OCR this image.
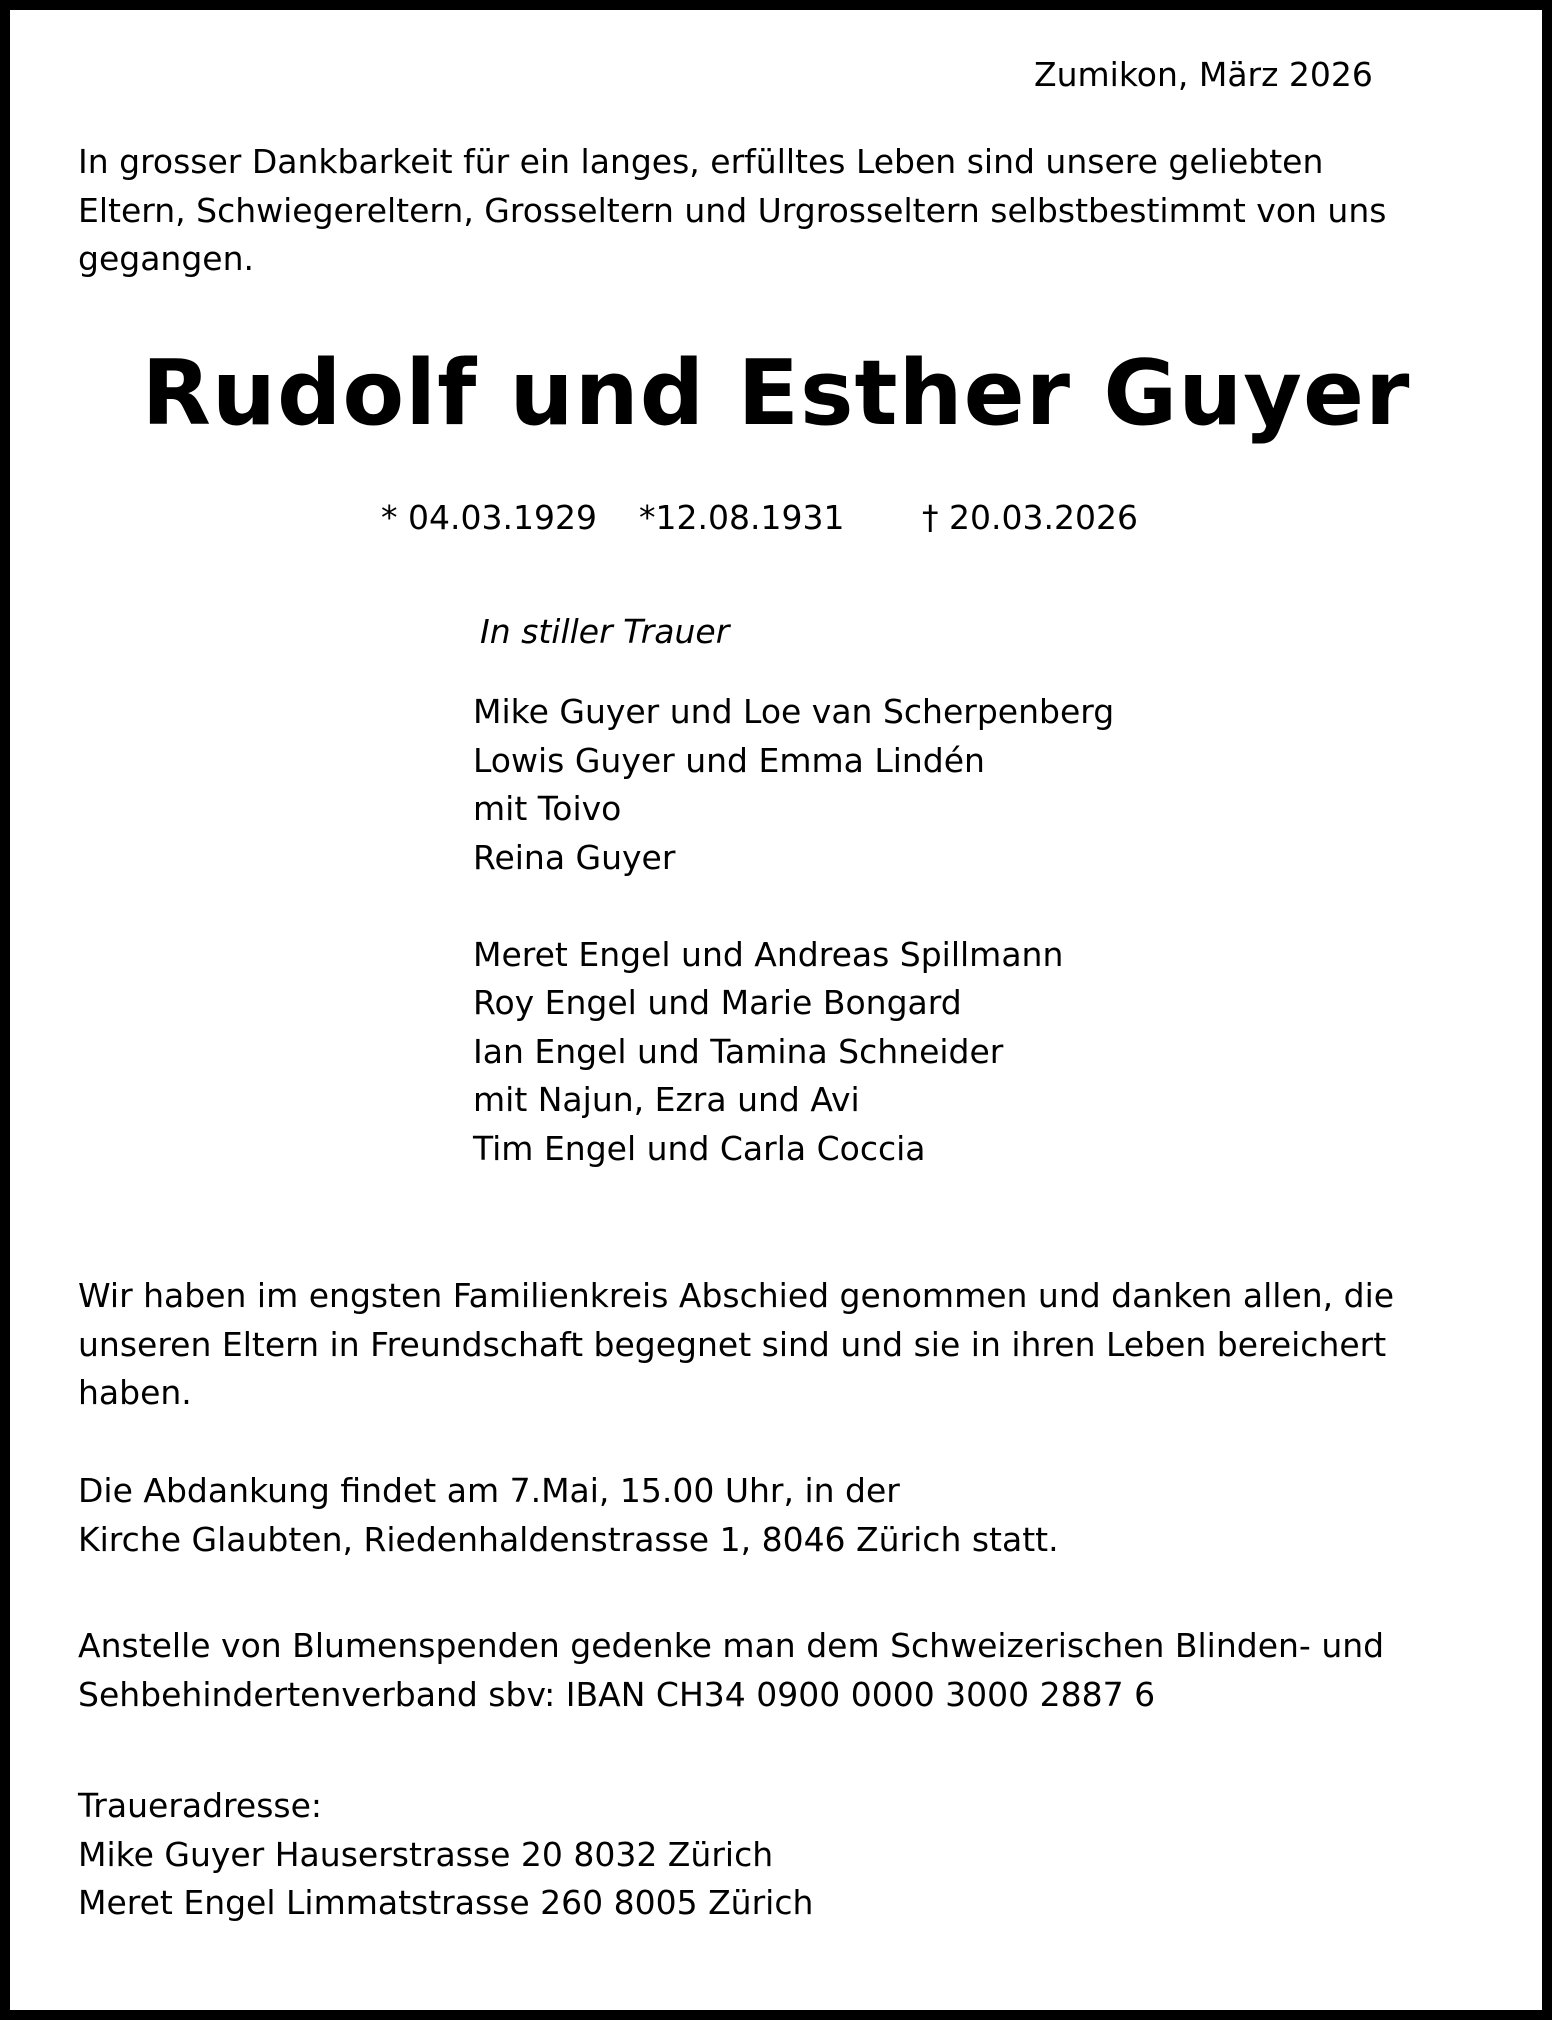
Zumikon, März 2026
In grosser Dankbarkeit für ein langes, erfülltes Leben sind unsere geliebten
Eltern, Schwiegereltern, Grosseltern und Urgrosseltern selbstbestimmt von uns
gegangen.
Rudolf und Esther Guyer
* 04.03.1929 *12.08.1931 † 20.03.2026
In stiller Trauer
Mike Guyer und Loe van Scherpenberg
Lowis Guyer und Emma Lindén
mit Toivo
Reina Guyer
Meret Engel und Andreas Spillmann
Roy Engel und Marie Bongard
Ian Engel und Tamina Schneider
mit Najun, Ezra und Avi
Tim Engel und Carla Coccia
Wir haben im engsten Familienkreis Abschied genommen und danken allen, die
unseren Eltern in Freundschaft begegnet sind und sie in ihren Leben bereichert
haben.
Die Abdankung findet am 7.Mai, 15.00 Uhr, in der
Kirche Glaubten, Riedenhaldenstrasse 1, 8046 Zürich statt.
Anstelle von Blumenspenden gedenke man dem Schweizerischen Blinden- und
Sehbehindertenverband sbv: IBAN CH34 0900 0000 3000 2887 6
Traueradresse:
Mike Guyer Hauserstrasse 20 8032 Zürich
Meret Engel Limmatstrasse 260 8005 Zürich
